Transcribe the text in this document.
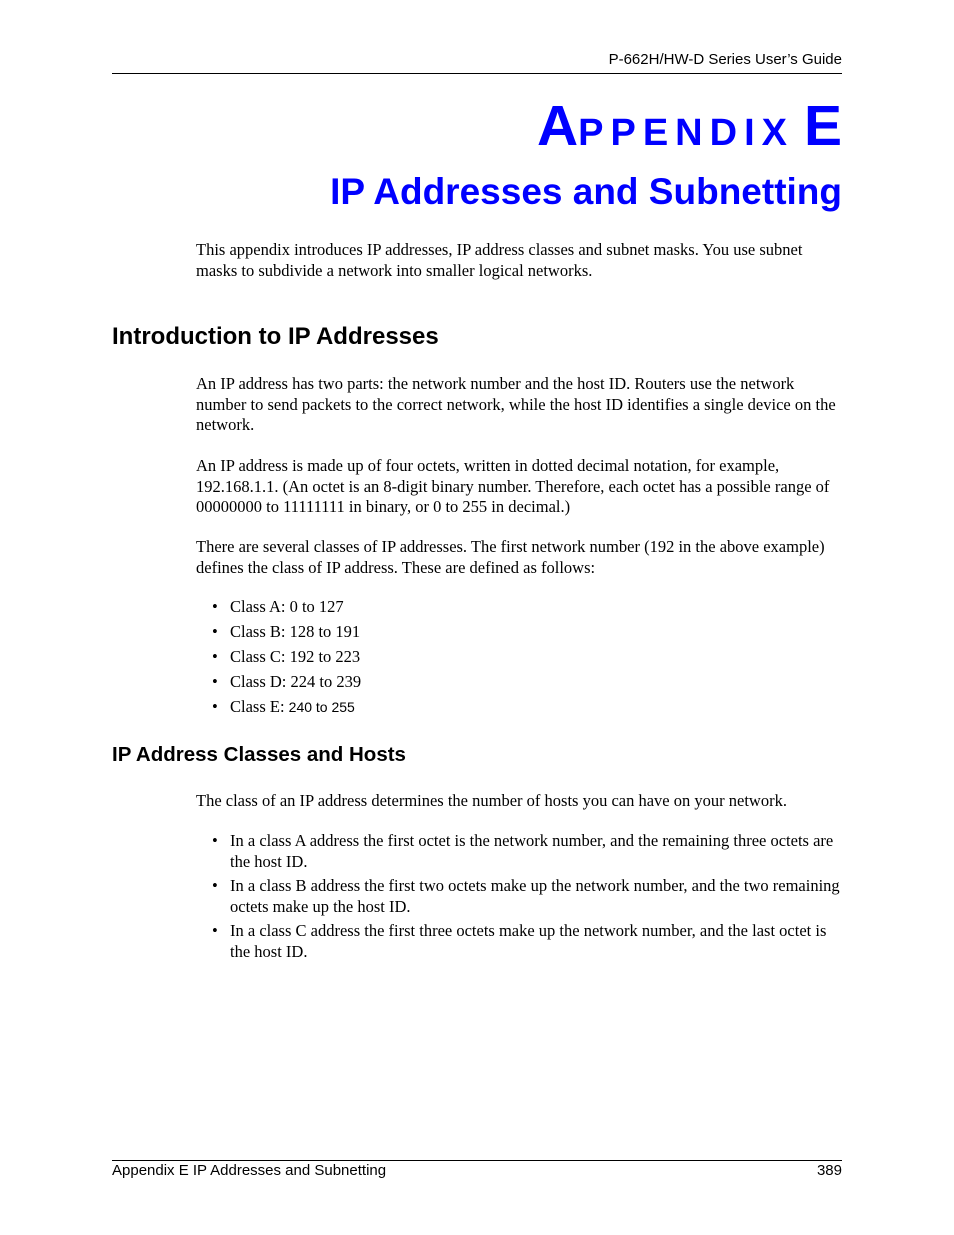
P-662H/HW-D Series User’s Guide
APPENDIX E
IP Addresses and Subnetting

This appendix introduces IP addresses, IP address classes and subnet masks. You use subnet masks to subdivide a network into smaller logical networks.

Introduction to IP Addresses

An IP address has two parts: the network number and the host ID. Routers use the network number to send packets to the correct network, while the host ID identifies a single device on the network.

An IP address is made up of four octets, written in dotted decimal notation, for example, 192.168.1.1. (An octet is an 8-digit binary number. Therefore, each octet has a possible range of 00000000 to 11111111 in binary, or 0 to 255 in decimal.)

There are several classes of IP addresses. The first network number (192 in the above example) defines the class of IP address. These are defined as follows:

• Class A: 0 to 127
• Class B: 128 to 191
• Class C: 192 to 223
• Class D: 224 to 239
• Class E: 240 to 255
IP Address Classes and Hosts

The class of an IP address determines the number of hosts you can have on your network.

• In a class A address the first octet is the network number, and the remaining three octets are the host ID.
• In a class B address the first two octets make up the network number, and the two remaining octets make up the host ID.
• In a class C address the first three octets make up the network number, and the last octet is the host ID.
Appendix E IP Addresses and Subnetting	389
